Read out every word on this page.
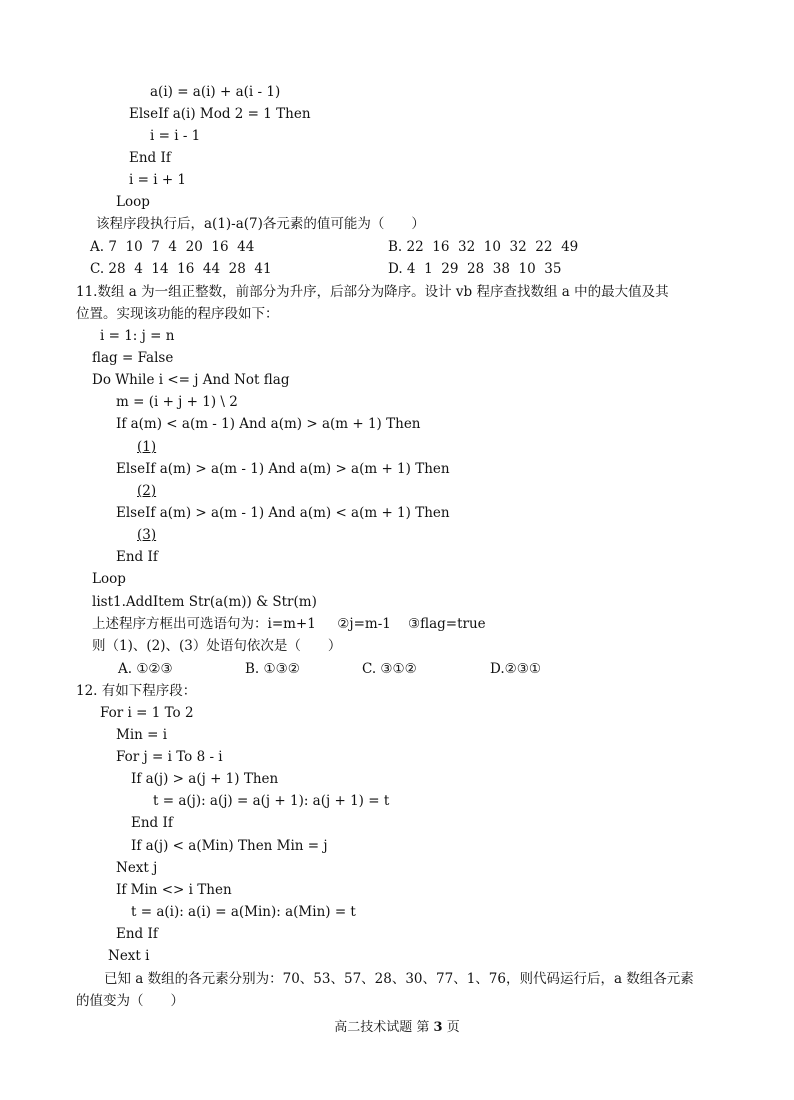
a(i) = a(i) + a(i - 1)
ElseIf a(i) Mod 2 = 1 Then
i = i - 1
End If
i = i + 1
Loop
该程序段执行后，a(1)-a(7)各元素的值可能为（　　）
A. 7  10  7  4  20  16  44	B. 22  16  32  10  32  22  49
C. 28  4  14  16  44  28  41	D. 4  1  29  28  38  10  35
11.数组 a 为一组正整数，前部分为升序，后部分为降序。设计 vb 程序查找数组 a 中的最大值及其
位置。实现该功能的程序段如下：
i = 1: j = n
flag = False
Do While i <= j And Not flag
m = (i + j + 1) \ 2
If a(m) < a(m - 1) And a(m) > a(m + 1) Then
(1)
ElseIf a(m) > a(m - 1) And a(m) > a(m + 1) Then
(2)
ElseIf a(m) > a(m - 1) And a(m) < a(m + 1) Then
(3)
End If
Loop
list1.AddItem Str(a(m)) & Str(m)
上述程序方框出可选语句为：i=m+1     ②j=m-1    ③flag=true
则（1)、(2)、(3）处语句依次是（　　）
A. ①②③	B. ①③②	C. ③①②	D.②③①
12. 有如下程序段：
For i = 1 To 2
Min = i
For j = i To 8 - i
If a(j) > a(j + 1) Then
t = a(j): a(j) = a(j + 1): a(j + 1) = t
End If
If a(j) < a(Min) Then Min = j
Next j
If Min <> i Then
t = a(i): a(i) = a(Min): a(Min) = t
End If
Next i
已知 a 数组的各元素分别为：70、53、57、28、30、77、1、76，则代码运行后，a 数组各元素
的值变为（　　）
高二技术试题 第 3 页
